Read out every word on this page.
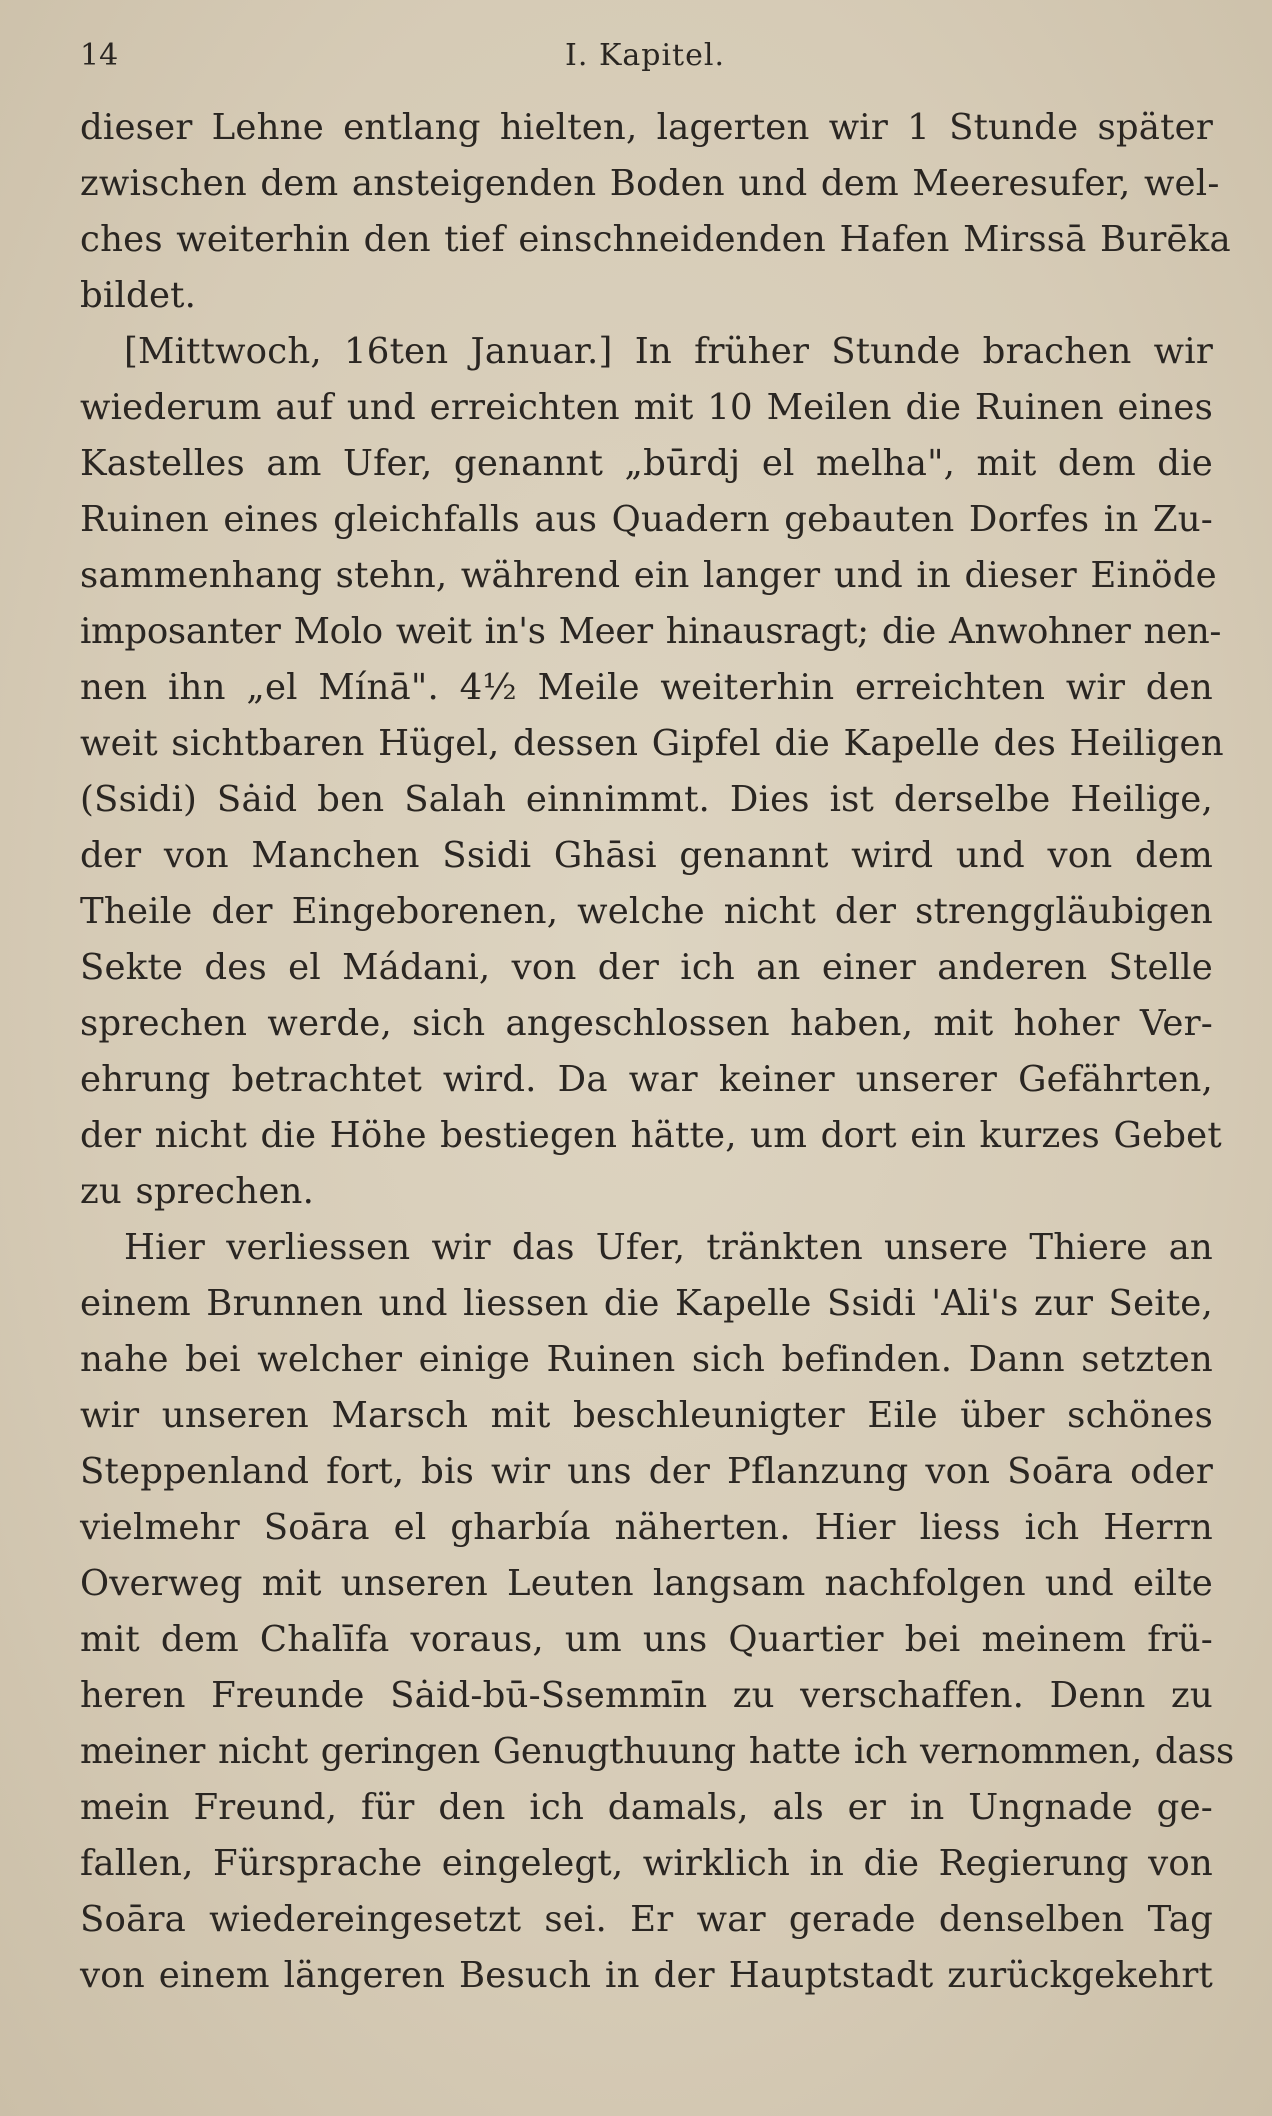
14	I. Kapitel.
dieser Lehne entlang hielten, lagerten wir 1 Stunde später
zwischen dem ansteigenden Boden und dem Meeresufer, wel-
ches weiterhin den tief einschneidenden Hafen Mirssā Burēka
bildet.
[Mittwoch, 16ten Januar.] In früher Stunde brachen wir
wiederum auf und erreichten mit 10 Meilen die Ruinen eines
Kastelles am Ufer, genannt „būrdj el melha", mit dem die
Ruinen eines gleichfalls aus Quadern gebauten Dorfes in Zu-
sammenhang stehn, während ein langer und in dieser Einöde
imposanter Molo weit in's Meer hinausragt; die Anwohner nen-
nen ihn „el Mínā". 4½ Meile weiterhin erreichten wir den
weit sichtbaren Hügel, dessen Gipfel die Kapelle des Heiligen
(Ssidi) Sȧid ben Salah einnimmt. Dies ist derselbe Heilige,
der von Manchen Ssidi Ghāsi genannt wird und von dem
Theile der Eingeborenen, welche nicht der strenggläubigen
Sekte des el Mádani, von der ich an einer anderen Stelle
sprechen werde, sich angeschlossen haben, mit hoher Ver-
ehrung betrachtet wird. Da war keiner unserer Gefährten,
der nicht die Höhe bestiegen hätte, um dort ein kurzes Gebet
zu sprechen.
Hier verliessen wir das Ufer, tränkten unsere Thiere an
einem Brunnen und liessen die Kapelle Ssidi 'Ali's zur Seite,
nahe bei welcher einige Ruinen sich befinden. Dann setzten
wir unseren Marsch mit beschleunigter Eile über schönes
Steppenland fort, bis wir uns der Pflanzung von Soāra oder
vielmehr Soāra el gharbía näherten. Hier liess ich Herrn
Overweg mit unseren Leuten langsam nachfolgen und eilte
mit dem Chalīfa voraus, um uns Quartier bei meinem frü-
heren Freunde Sȧid-bū-Ssemmīn zu verschaffen. Denn zu
meiner nicht geringen Genugthuung hatte ich vernommen, dass
mein Freund, für den ich damals, als er in Ungnade ge-
fallen, Fürsprache eingelegt, wirklich in die Regierung von
Soāra wiedereingesetzt sei. Er war gerade denselben Tag
von einem längeren Besuch in der Hauptstadt zurückgekehrt
